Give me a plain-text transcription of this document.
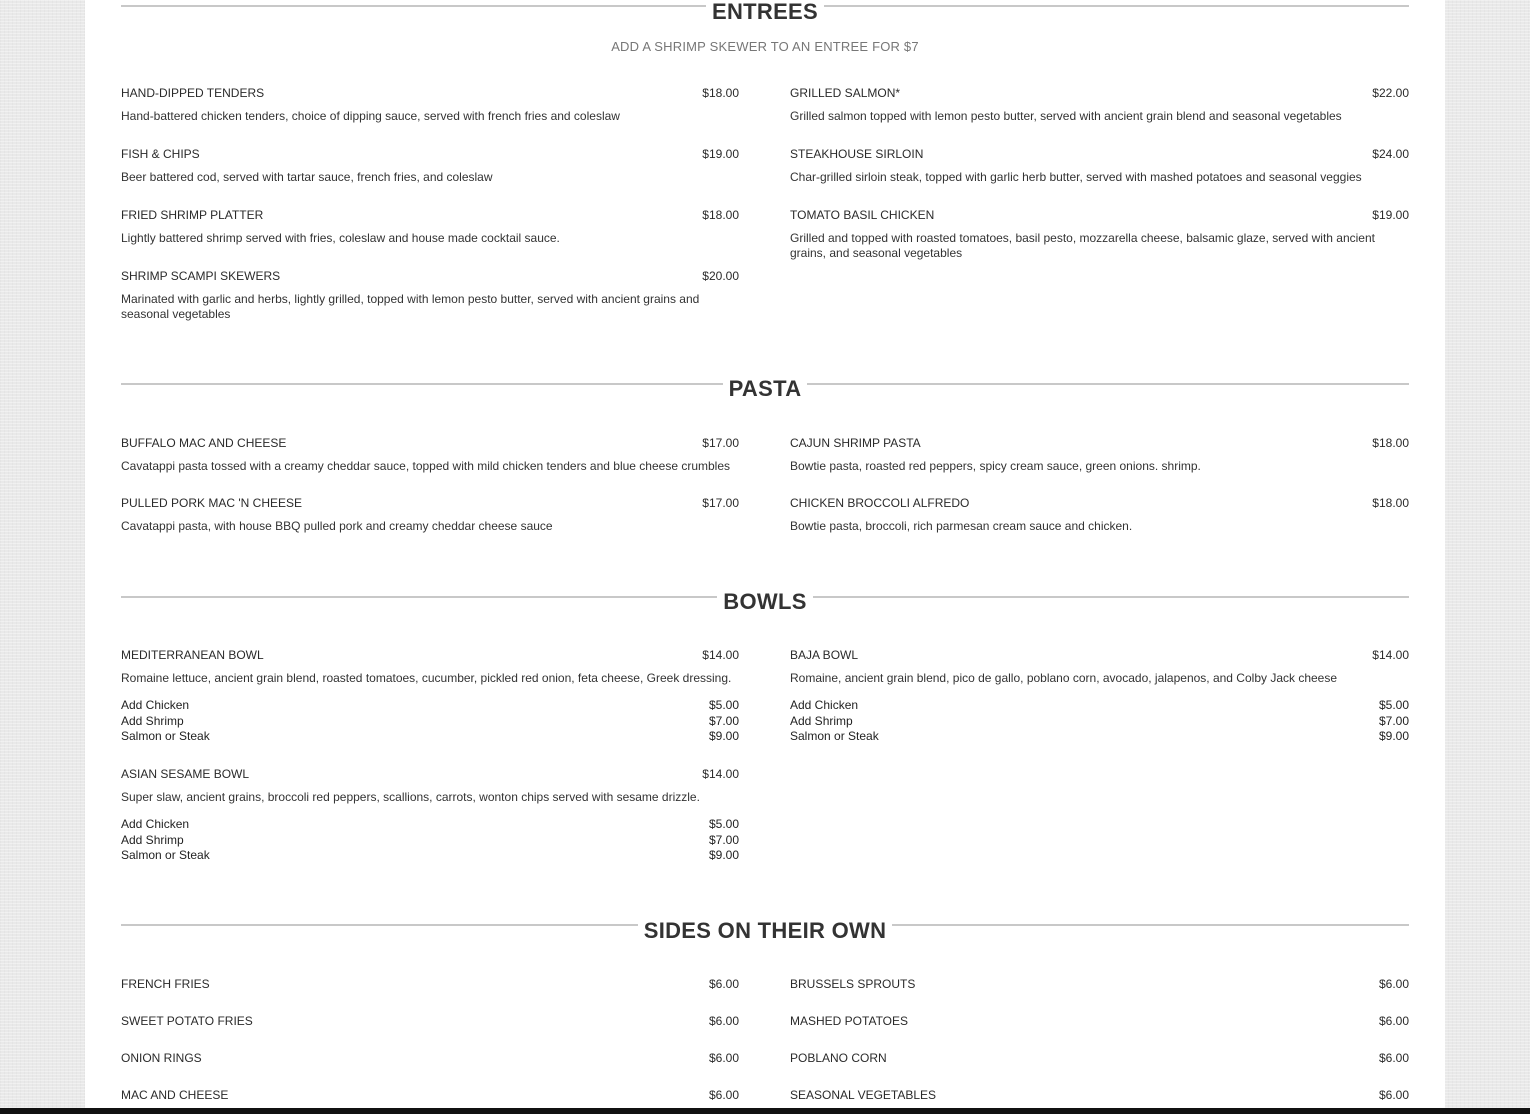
ENTREES
ADD A SHRIMP SKEWER TO AN ENTREE FOR $7
HAND-DIPPED TENDERS	$18.00
Hand-battered chicken tenders, choice of dipping sauce, served with french fries and coleslaw
FISH & CHIPS	$19.00
Beer battered cod, served with tartar sauce, french fries, and coleslaw
FRIED SHRIMP PLATTER	$18.00
Lightly battered shrimp served with fries, coleslaw and house made cocktail sauce.
SHRIMP SCAMPI SKEWERS	$20.00
Marinated with garlic and herbs, lightly grilled, topped with lemon pesto butter, served with ancient grains and seasonal vegetables
GRILLED SALMON*	$22.00
Grilled salmon topped with lemon pesto butter, served with ancient grain blend and seasonal vegetables
STEAKHOUSE SIRLOIN	$24.00
Char-grilled sirloin steak, topped with garlic herb butter, served with mashed potatoes and seasonal veggies
TOMATO BASIL CHICKEN	$19.00
Grilled and topped with roasted tomatoes, basil pesto, mozzarella cheese, balsamic glaze, served with ancient grains, and seasonal vegetables
PASTA
BUFFALO MAC AND CHEESE	$17.00
Cavatappi pasta tossed with a creamy cheddar sauce, topped with mild chicken tenders and blue cheese crumbles
PULLED PORK MAC 'N CHEESE	$17.00
Cavatappi pasta, with house BBQ pulled pork and creamy cheddar cheese sauce
CAJUN SHRIMP PASTA	$18.00
Bowtie pasta, roasted red peppers, spicy cream sauce, green onions. shrimp.
CHICKEN BROCCOLI ALFREDO	$18.00
Bowtie pasta, broccoli, rich parmesan cream sauce and chicken.
BOWLS
MEDITERRANEAN BOWL	$14.00
Romaine lettuce, ancient grain blend, roasted tomatoes, cucumber, pickled red onion, feta cheese, Greek dressing.
Add Chicken	$5.00
Add Shrimp	$7.00
Salmon or Steak	$9.00
BAJA BOWL	$14.00
Romaine, ancient grain blend, pico de gallo, poblano corn, avocado, jalapenos, and Colby Jack cheese
Add Chicken	$5.00
Add Shrimp	$7.00
Salmon or Steak	$9.00
ASIAN SESAME BOWL	$14.00
Super slaw, ancient grains, broccoli red peppers, scallions, carrots, wonton chips served with sesame drizzle.
Add Chicken	$5.00
Add Shrimp	$7.00
Salmon or Steak	$9.00
SIDES ON THEIR OWN
FRENCH FRIES	$6.00	BRUSSELS SPROUTS	$6.00
SWEET POTATO FRIES	$6.00	MASHED POTATOES	$6.00
ONION RINGS	$6.00	POBLANO CORN	$6.00
MAC AND CHEESE	$6.00	SEASONAL VEGETABLES	$6.00
